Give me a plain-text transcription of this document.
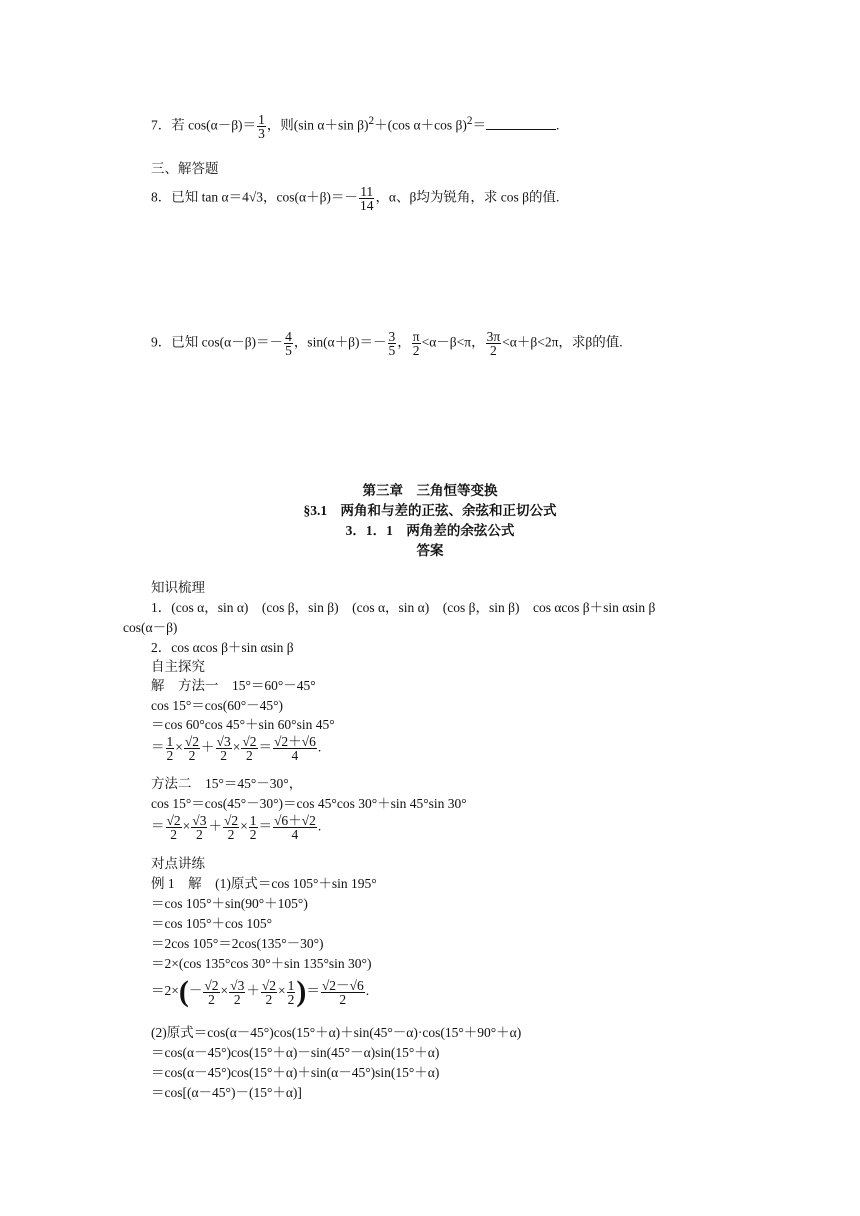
7．若 $\cos(\alpha-\beta)= \frac{1}{3}$ ，则(sin α＋sin β)$^2$＋(cos α＋cos β)$^2$＝	.
三、解答题
8．已知 tan α＝4√3，$\cos(\alpha+\beta)=- \frac{11}{14}$ ，α、β均为锐角，求 cos β的值.
9．已知 $\cos(\alpha-\beta)=- \frac{4}{5}$ ，$\sin(\alpha+\beta)=- \frac{3}{5}$ ， $\frac{\pi}{2} <\alpha-\beta<\pi$， $\frac{3\pi}{2} <\alpha+\beta<2\pi$，求β的值.
第三章　三角恒等变换
§3.1　两角和与差的正弦、余弦和正切公式
3．1．1　两角差的余弦公式
答案
知识梳理
1．(cos α，sin α)　(cos β，sin β)　(cos α，sin α)　(cos β，sin β)　cos αcos β＋sin αsin β
cos(α－β)
2．cos αcos β＋sin αsin β
自主探究
解　方法一　15°＝60°－45°
cos 15°＝cos(60°－45°)
＝cos 60°cos 45°＋sin 60°sin 45°
＝ $\frac{1}{2} \times \frac{√2}{2} + \frac{√3}{2} \times \frac{√2}{2} = \frac{√2+√6}{4}$ .
方法二　15°＝45°－30°，
cos 15°＝cos(45°－30°)＝cos 45°cos 30°＋sin 45°sin 30°
＝ $\frac{√2}{2} \times \frac{√3}{2} + \frac{√2}{2} \times \frac{1}{2} = \frac{√6+√2}{4}$ .
对点讲练
例 1　解　(1)原式＝cos 105°＋sin 195°
＝cos 105°＋sin(90°＋105°)
＝cos 105°＋cos 105°
＝2cos 105°＝2cos(135°－30°)
＝2×(cos 135°cos 30°＋sin 135°sin 30°)
$=2\times(- \frac{√2}{2} \times \frac{√3}{2} + \frac{√2}{2} \times \frac{1}{2}$ )＝ $\frac{√2-√6}{2}$ .
(2)原式＝cos(α－45°)cos(15°＋α)＋sin(45°－α)·cos(15°＋90°＋α)
＝cos(α－45°)cos(15°＋α)－sin(45°－α)sin(15°＋α)
＝cos(α－45°)cos(15°＋α)＋sin(α－45°)sin(15°＋α)
＝cos[(α－45°)－(15°＋α)]
